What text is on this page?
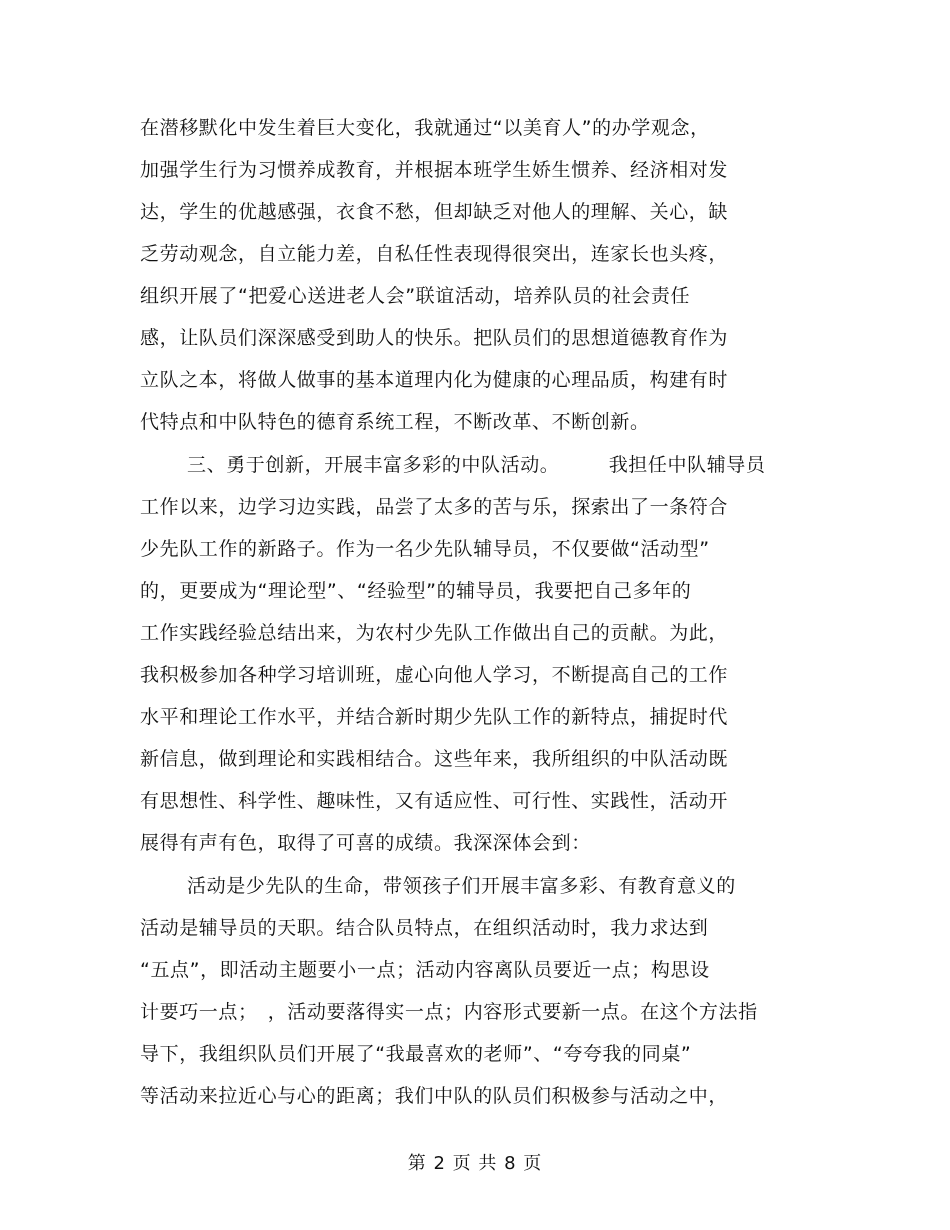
在潜移默化中发生着巨大变化，我就通过“以美育人”的办学观念，
加强学生行为习惯养成教育，并根据本班学生娇生惯养、经济相对发
达，学生的优越感强，衣食不愁，但却缺乏对他人的理解、关心，缺
乏劳动观念，自立能力差，自私任性表现得很突出，连家长也头疼，
组织开展了“把爱心送进老人会”联谊活动，培养队员的社会责任
感，让队员们深深感受到助人的快乐。把队员们的思想道德教育作为
立队之本，将做人做事的基本道理内化为健康的心理品质，构建有时
代特点和中队特色的德育系统工程，不断改革、不断创新。
三、勇于创新，开展丰富多彩的中队活动。　　　我担任中队辅导员
工作以来，边学习边实践，品尝了太多的苦与乐，探索出了一条符合
少先队工作的新路子。作为一名少先队辅导员，不仅要做“活动型”
的，更要成为“理论型”、“经验型”的辅导员，我要把自己多年的
工作实践经验总结出来，为农村少先队工作做出自己的贡献。为此，
我积极参加各种学习培训班，虚心向他人学习，不断提高自己的工作
水平和理论工作水平，并结合新时期少先队工作的新特点，捕捉时代
新信息，做到理论和实践相结合。这些年来，我所组织的中队活动既
有思想性、科学性、趣味性，又有适应性、可行性、实践性，活动开
展得有声有色，取得了可喜的成绩。我深深体会到：
活动是少先队的生命，带领孩子们开展丰富多彩、有教育意义的
活动是辅导员的天职。结合队员特点，在组织活动时，我力求达到
“五点”，即活动主题要小一点；活动内容离队员要近一点；构思设
计要巧一点；　，活动要落得实一点；内容形式要新一点。在这个方法指
导下，我组织队员们开展了“我最喜欢的老师”、“夸夸我的同桌”
等活动来拉近心与心的距离；我们中队的队员们积极参与活动之中，
第 2 页 共 8 页
